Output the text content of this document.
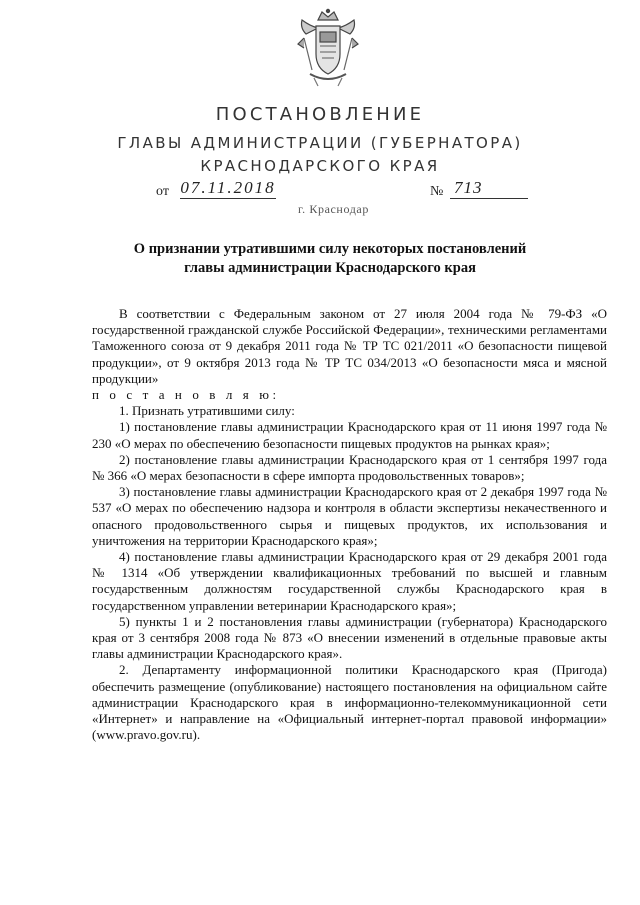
ПОСТАНОВЛЕНИЕ
ГЛАВЫ АДМИНИСТРАЦИИ (ГУБЕРНАТОРА)
КРАСНОДАРСКОГО КРАЯ
от 07.11.2018	№ 713
г. Краснодар
О признании утратившими силу некоторых постановлений
главы администрации Краснодарского края

В соответствии с Федеральным законом от 27 июля 2004 года № 79-ФЗ «О государственной гражданской службе Российской Федерации», техническими регламентами Таможенного союза от 9 декабря 2011 года № ТР ТС 021/2011 «О безопасности пищевой продукции», от 9 октября 2013 года № ТР ТС 034/2013 «О безопасности мяса и мясной продукции»

п о с т а н о в л я ю:

1. Признать утратившими силу:

1) постановление главы администрации Краснодарского края от 11 июня 1997 года № 230 «О мерах по обеспечению безопасности пищевых продуктов на рынках края»;

2) постановление главы администрации Краснодарского края от 1 сентября 1997 года № 366 «О мерах безопасности в сфере импорта продовольственных товаров»;

3) постановление главы администрации Краснодарского края от 2 декабря 1997 года № 537 «О мерах по обеспечению надзора и контроля в области экспертизы некачественного и опасного продовольственного сырья и пищевых продуктов, их использования и уничтожения на территории Краснодарского края»;

4) постановление главы администрации Краснодарского края от 29 декабря 2001 года № 1314 «Об утверждении квалификационных требований по высшей и главным государственным должностям государственной службы Краснодарского края в государственном управлении ветеринарии Краснодарского края»;

5) пункты 1 и 2 постановления главы администрации (губернатора) Краснодарского края от 3 сентября 2008 года № 873 «О внесении изменений в отдельные правовые акты главы администрации Краснодарского края».

2. Департаменту информационной политики Краснодарского края (Пригода) обеспечить размещение (опубликование) настоящего постановления на официальном сайте администрации Краснодарского края в информационно-телекоммуникационной сети «Интернет» и направление на «Официальный интернет-портал правовой информации» (www.pravo.gov.ru).
